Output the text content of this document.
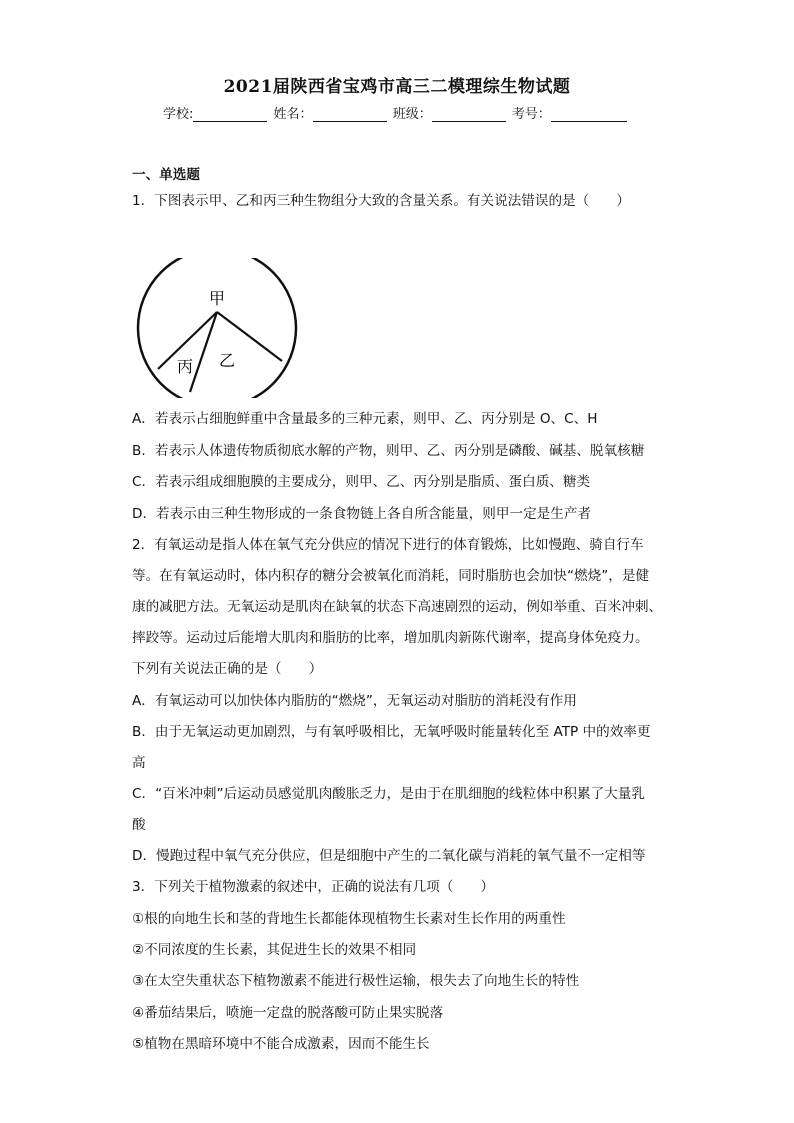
2021届陕西省宝鸡市高三二模理综生物试题
学校:	姓名：	班级：	考号：
一、单选题
1．下图表示甲、乙和丙三种生物组分大致的含量关系。有关说法错误的是（　　）
甲
乙
丙
A．若表示占细胞鲜重中含量最多的三种元素，则甲、乙、丙分别是 O、C、H
B．若表示人体遗传物质彻底水解的产物，则甲、乙、丙分别是磷酸、碱基、脱氧核糖
C．若表示组成细胞膜的主要成分，则甲、乙、丙分别是脂质、蛋白质、糖类
D．若表示由三种生物形成的一条食物链上各自所含能量，则甲一定是生产者
2．有氧运动是指人体在氧气充分供应的情况下进行的体育锻炼，比如慢跑、骑自行车
等。在有氧运动时，体内积存的糖分会被氧化而消耗，同时脂肪也会加快“燃烧”，是健
康的减肥方法。无氧运动是肌肉在缺氧的状态下高速剧烈的运动，例如举重、百米冲刺、
摔跤等。运动过后能增大肌肉和脂肪的比率，增加肌肉新陈代谢率，提高身体免疫力。
下列有关说法正确的是（　　）
A．有氧运动可以加快体内脂肪的“燃烧”，无氧运动对脂肪的消耗没有作用
B．由于无氧运动更加剧烈，与有氧呼吸相比，无氧呼吸时能量转化至 ATP 中的效率更
高
C．“百米冲刺”后运动员感觉肌肉酸胀乏力，是由于在肌细胞的线粒体中积累了大量乳
酸
D．慢跑过程中氧气充分供应，但是细胞中产生的二氧化碳与消耗的氧气量不一定相等
3．下列关于植物激素的叙述中，正确的说法有几项（　　）
①根的向地生长和茎的背地生长都能体现植物生长素对生长作用的两重性
②不同浓度的生长素，其促进生长的效果不相同
③在太空失重状态下植物激素不能进行极性运输，根失去了向地生长的特性
④番茄结果后，喷施一定盘的脱落酸可防止果实脱落
⑤植物在黑暗环境中不能合成激素，因而不能生长
